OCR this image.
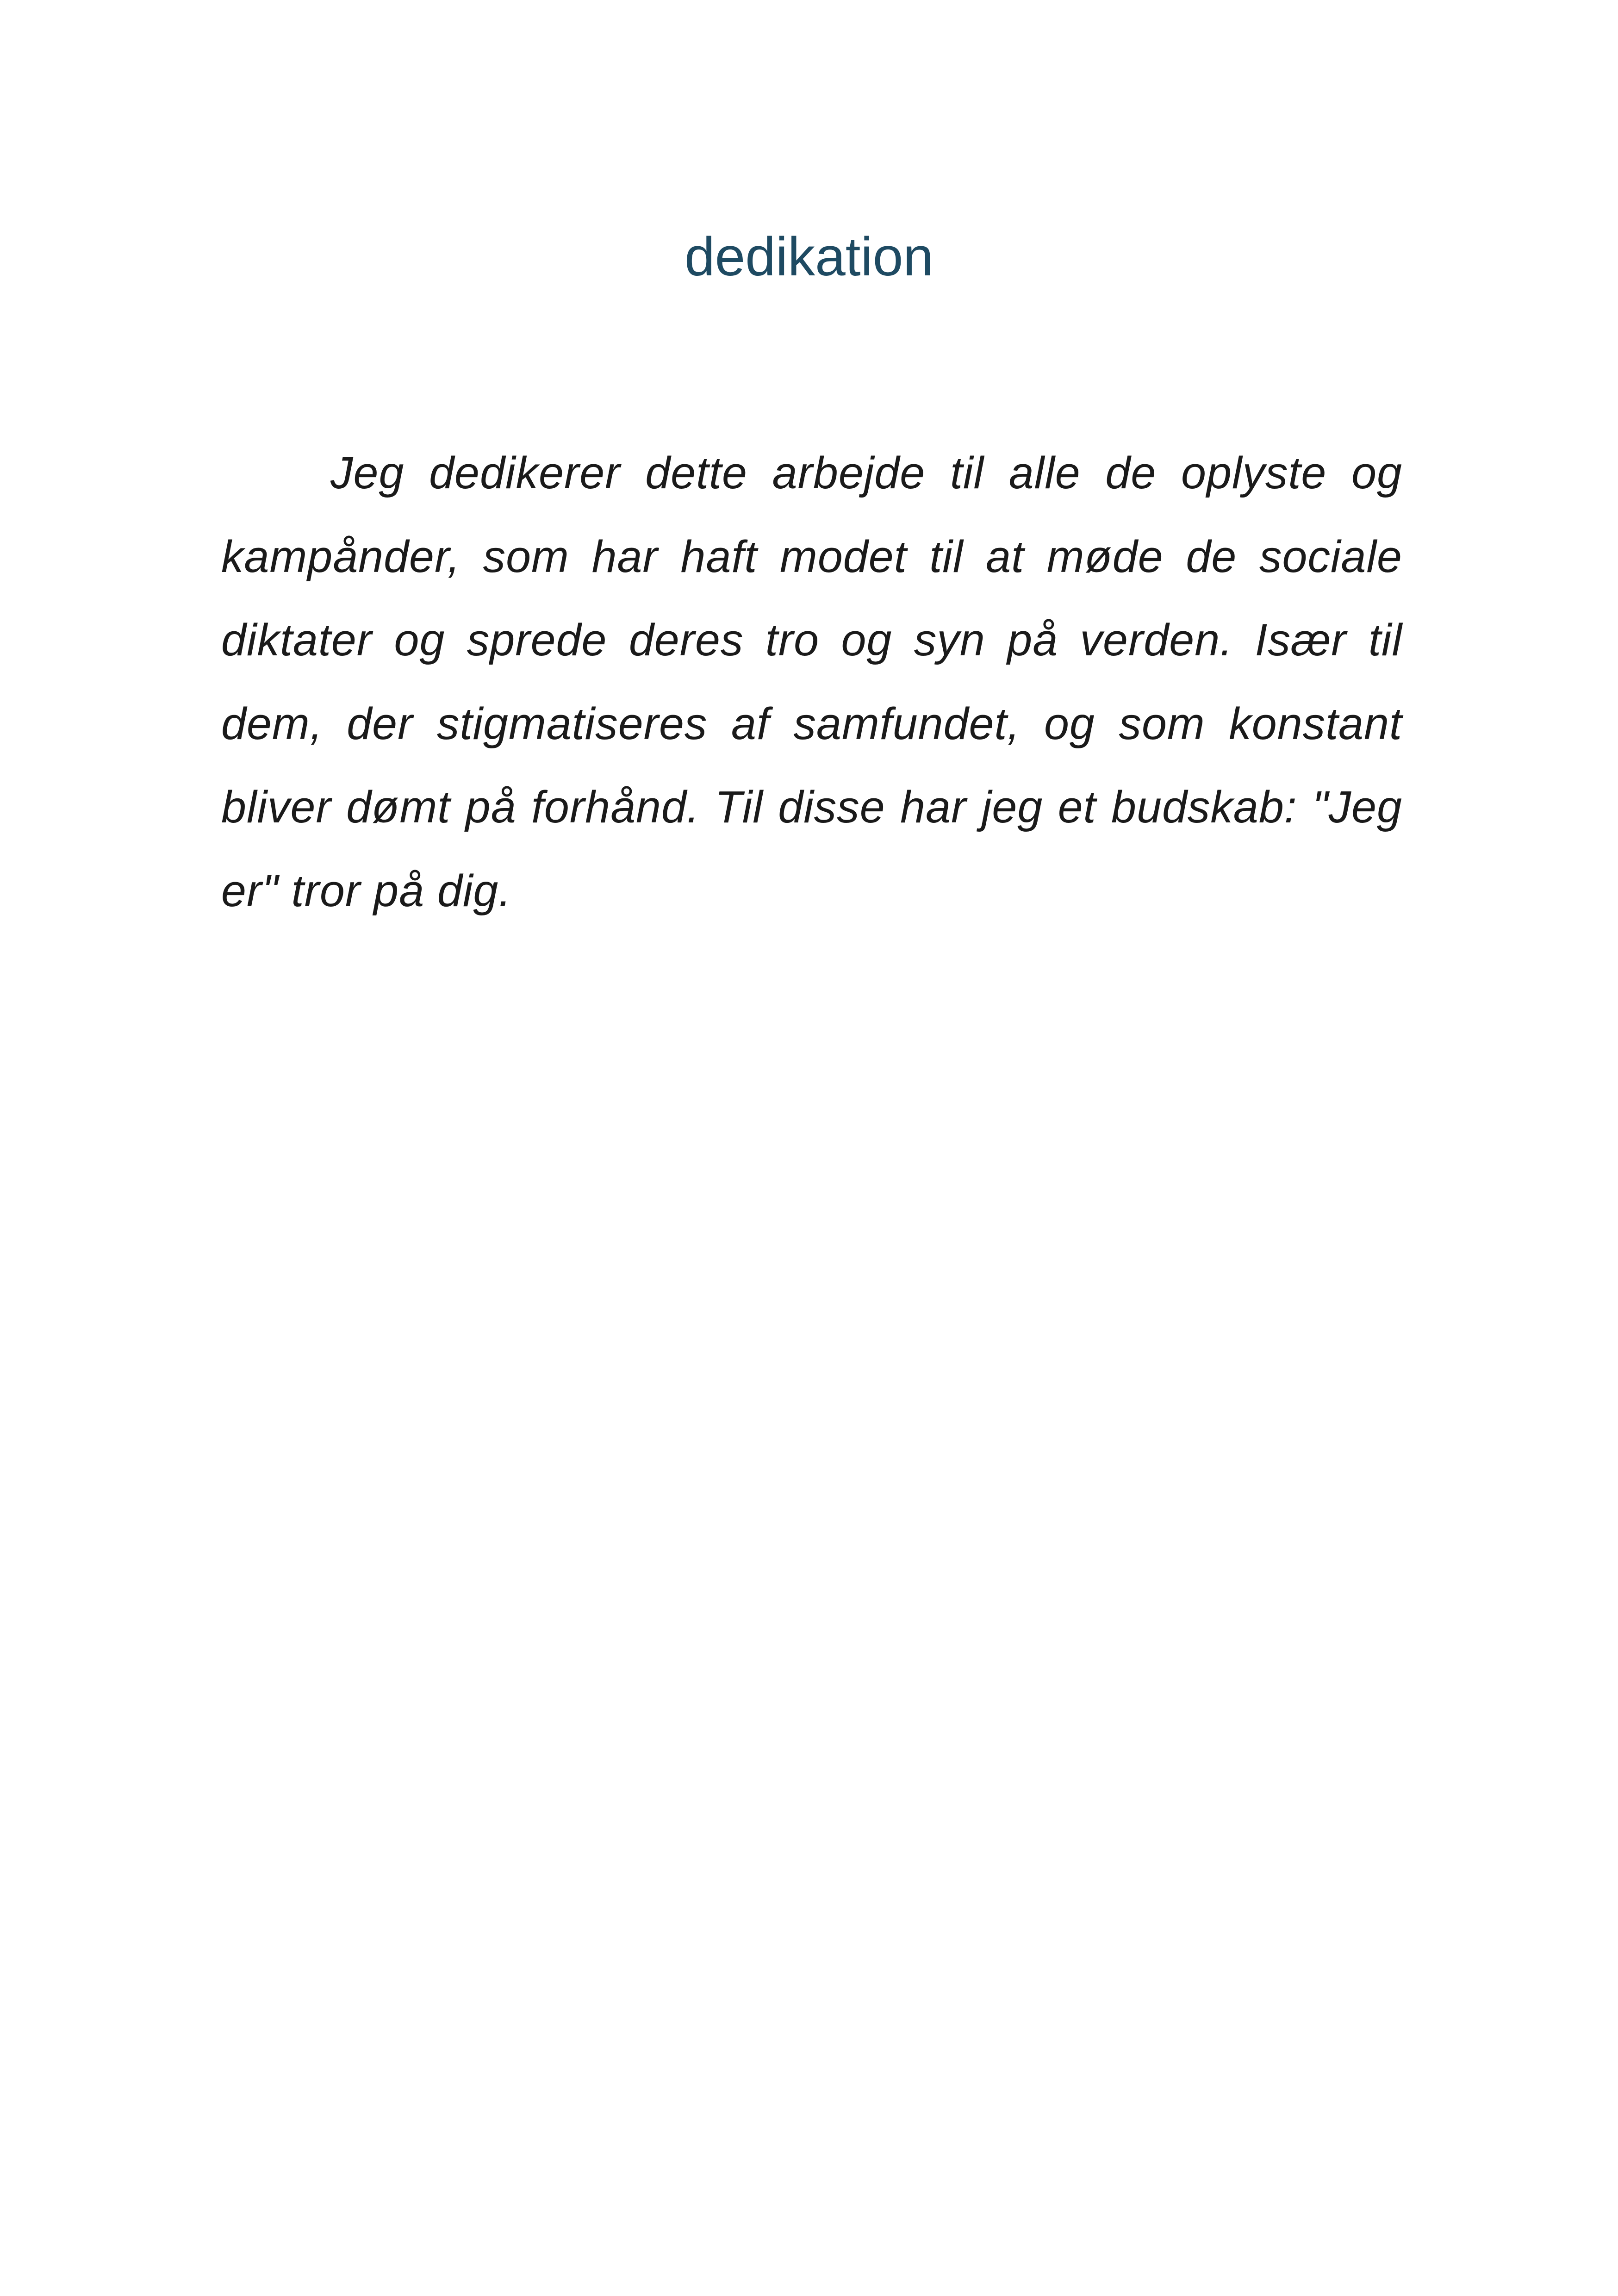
dedikation

Jeg dedikerer dette arbejde til alle de oplyste og kampånder, som har haft modet til at møde de sociale diktater og sprede deres tro og syn på verden. Især til dem, der stigmatiseres af samfundet, og som konstant bliver dømt på forhånd. Til disse har jeg et budskab: "Jeg er" tror på dig.
